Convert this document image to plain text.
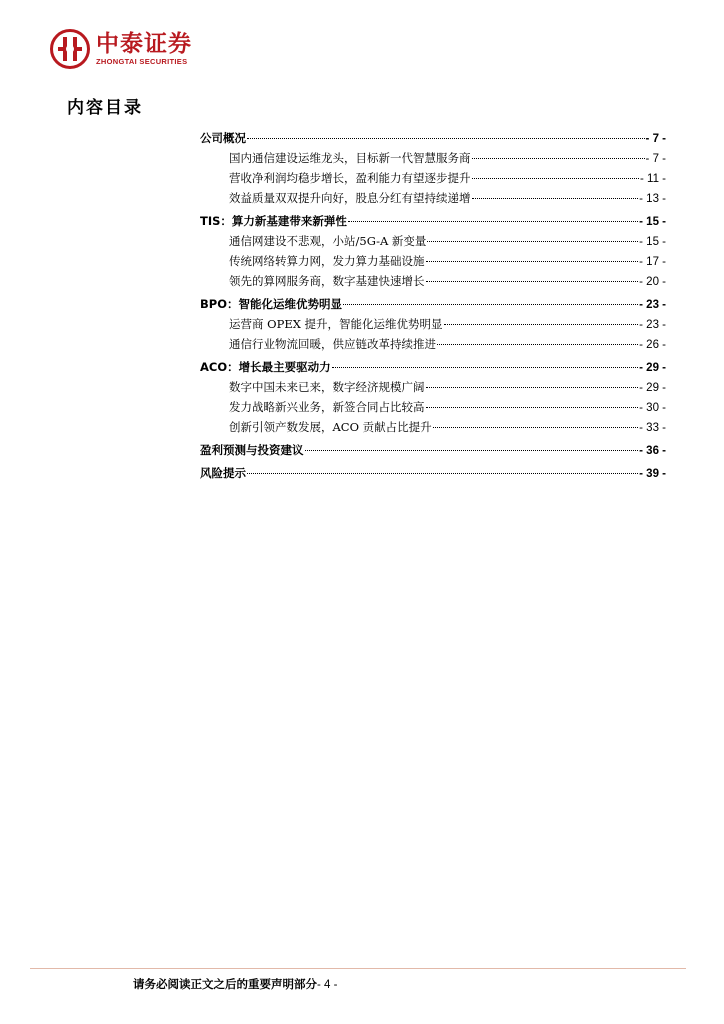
中泰证券
ZHONGTAI SECURITIES
内容目录
公司概况	- 7 -
国内通信建设运维龙头，目标新一代智慧服务商	- 7 -
营收净利润均稳步增长，盈利能力有望逐步提升	- 11 -
效益质量双双提升向好，股息分红有望持续递增	- 13 -
TIS：算力新基建带来新弹性	- 15 -
通信网建设不悲观，小站/5G-A 新变量	- 15 -
传统网络转算力网，发力算力基础设施	- 17 -
领先的算网服务商，数字基建快速增长	- 20 -
BPO：智能化运维优势明显	- 23 -
运营商 OPEX 提升，智能化运维优势明显	- 23 -
通信行业物流回暖，供应链改革持续推进	- 26 -
ACO：增长最主要驱动力	- 29 -
数字中国未来已来，数字经济规模广阔	- 29 -
发力战略新兴业务，新签合同占比较高	- 30 -
创新引领产数发展，ACO 贡献占比提升	- 33 -
盈利预测与投资建议	- 36 -
风险提示	- 39 -
请务必阅读正文之后的重要声明部分- 4 -
